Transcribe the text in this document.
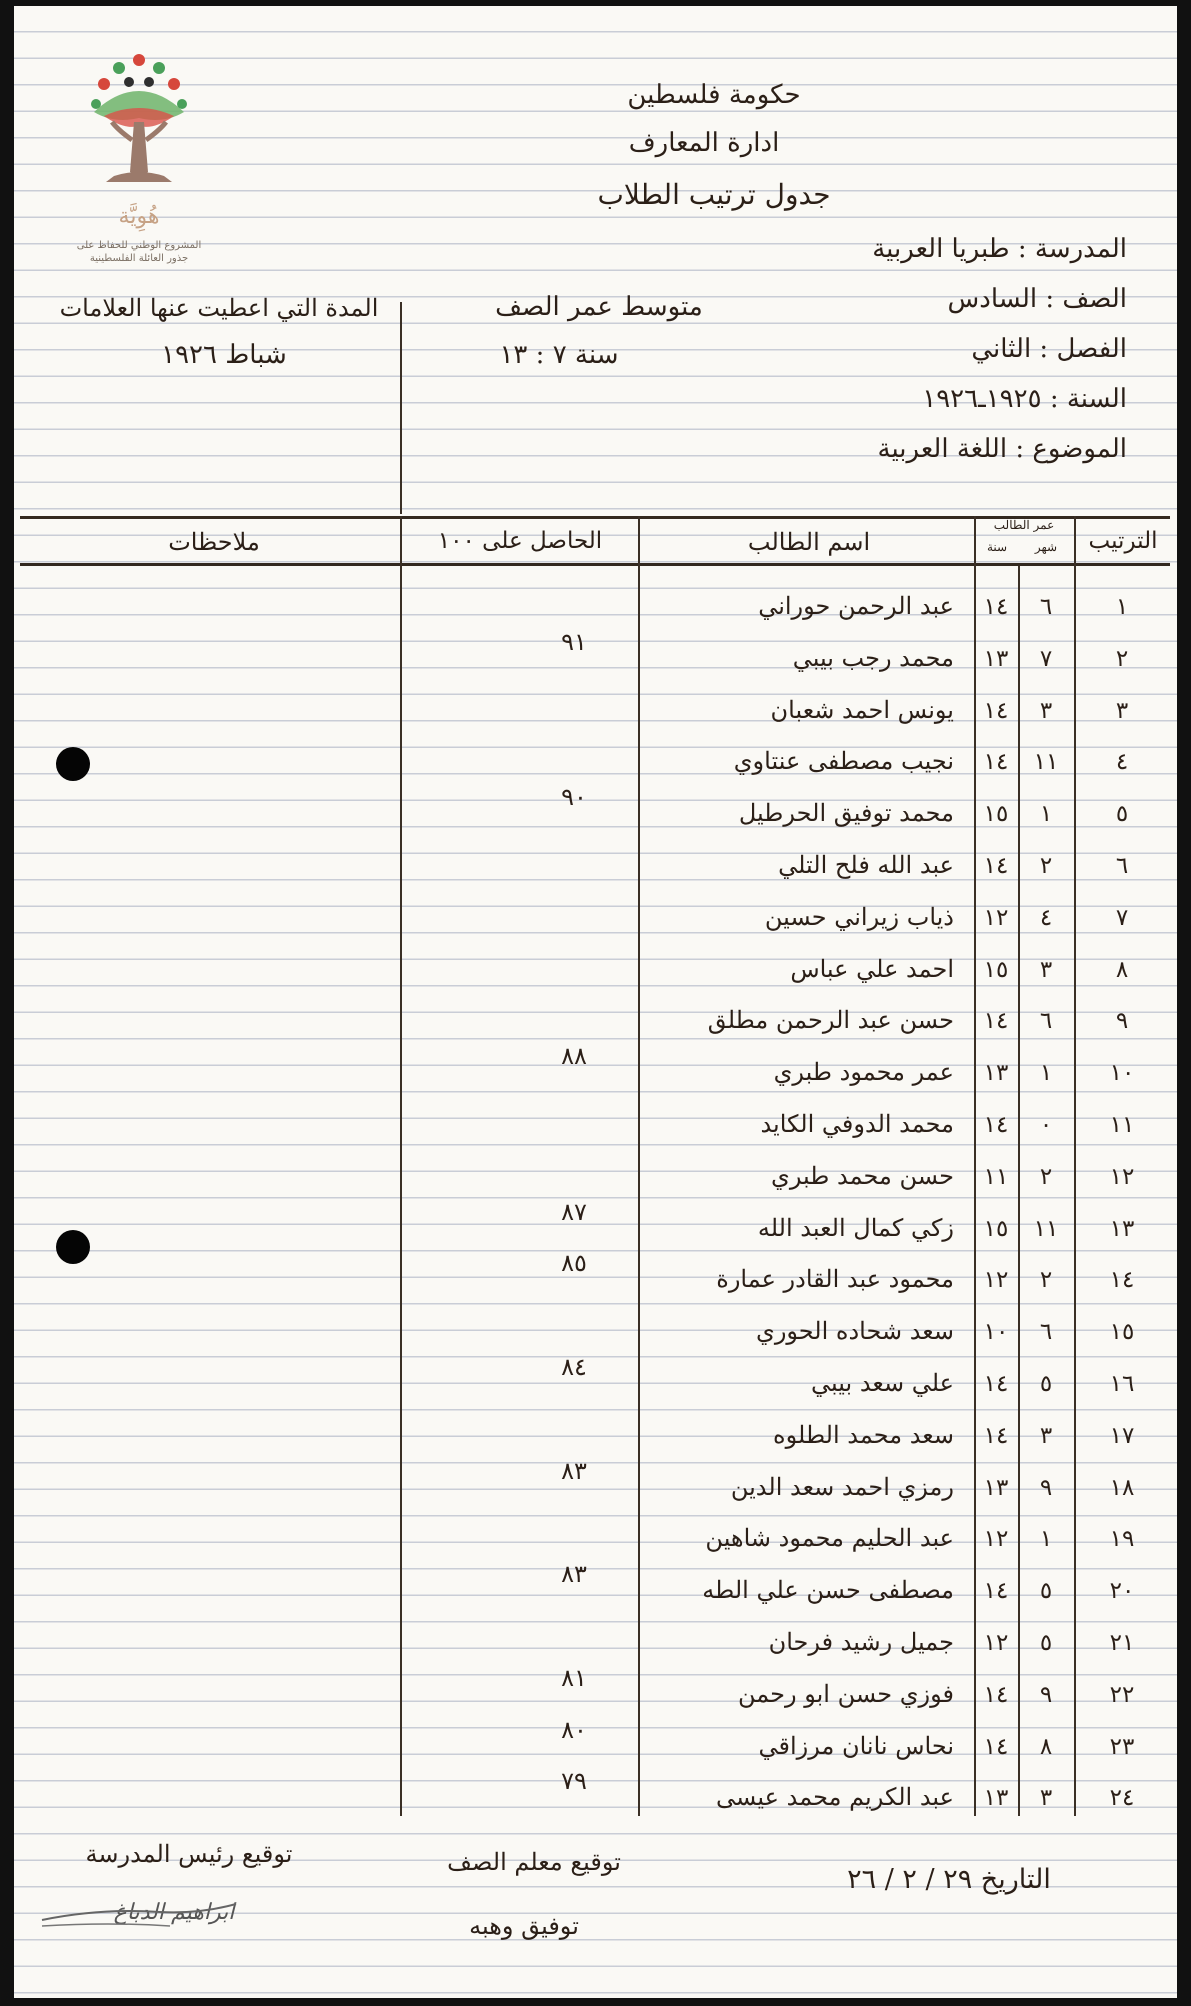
هُوِيَّة
المشروع الوطني للحفاظ على
جذور العائلة الفلسطينية
حكومة فلسطين
ادارة المعارف
جدول ترتيب الطلاب
المدرسة : طبريا العربية
الصف : السادس
الفصل : الثاني
السنة : ١٩٢٥ـ١٩٢٦
الموضوع : اللغة العربية
متوسط عمر الصف
سنة ٧ : ١٣
المدة التي اعطيت عنها العلامات
شباط ١٩٢٦
الترتيب
عمر الطالب
شهر
سنة
اسم الطالب
الحاصل على ١٠٠
ملاحظات
١
٦
١٤
عبد الرحمن حوراني
٢
٧
١٣
محمد رجب بيبي
٩١
٣
٣
١٤
يونس احمد شعبان
٤
١١
١٤
نجيب مصطفى عنتاوي
٥
١
١٥
محمد توفيق الحرطيل
٩٠
٦
٢
١٤
عبد الله فلح التلي
٧
٤
١٢
ذياب زيراني حسين
٨
٣
١٥
احمد علي عباس
٩
٦
١٤
حسن عبد الرحمن مطلق
١٠
١
١٣
عمر محمود طبري
٨٨
١١
٠
١٤
محمد الدوفي الكايد
١٢
٢
١١
حسن محمد طبري
١٣
١١
١٥
زكي كمال العبد الله
٨٧
١٤
٢
١٢
محمود عبد القادر عمارة
٨٥
١٥
٦
١٠
سعد شحاده الحوري
١٦
٥
١٤
علي سعد بيبي
٨٤
١٧
٣
١٤
سعد محمد الطلوه
١٨
٩
١٣
رمزي احمد سعد الدين
٨٣
١٩
١
١٢
عبد الحليم محمود شاهين
٢٠
٥
١٤
مصطفى حسن علي الطه
٨٣
٢١
٥
١٢
جميل رشيد فرحان
٢٢
٩
١٤
فوزي حسن ابو رحمن
٨١
٢٣
٨
١٤
نحاس نانان مرزاقي
٨٠
٢٤
٣
١٣
عبد الكريم محمد عيسى
٧٩
التاريخ ٢٩ / ٢ / ٢٦
توقيع معلم الصف
توفيق وهبه
توقيع رئيس المدرسة
ابراهيم الدباغ
